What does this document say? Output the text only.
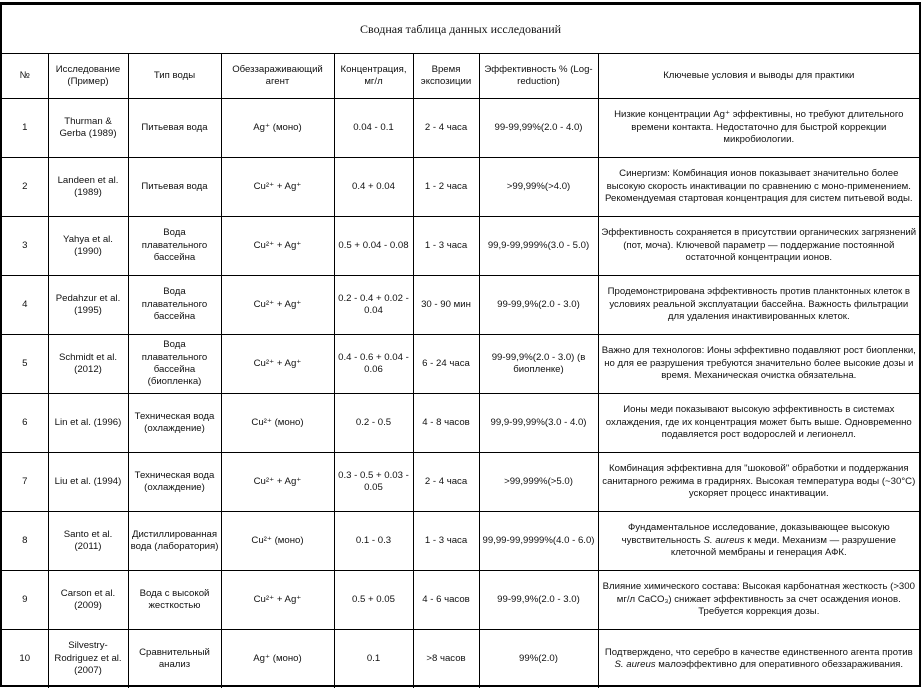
Сводная таблица данных исследований							
№	Исследование (Пример)	Тип воды	Обеззараживающий агент	Концентрация, мг/л	Время экспозиции	Эффективность % (Log-reduction)	Ключевые условия и выводы для практики
1	Thurman & Gerba (1989)	Питьевая вода	Ag⁺ (моно)	0.04 - 0.1	2 - 4 часа	99-99,99%(2.0 - 4.0)	Низкие концентрации Ag⁺ эффективны, но требуют длительного времени контакта. Недостаточно для быстрой коррекции микробиологии.
2	Landeen et al. (1989)	Питьевая вода	Cu²⁺ + Ag⁺	0.4 + 0.04	1 - 2 часа	>99,99%(>4.0)	Синергизм: Комбинация ионов показывает значительно более высокую скорость инактивации по сравнению с моно-применением. Рекомендуемая стартовая концентрация для систем питьевой воды.
3	Yahya et al. (1990)	Вода плавательного бассейна	Cu²⁺ + Ag⁺	0.5 + 0.04 - 0.08	1 - 3 часа	99,9-99,999%(3.0 - 5.0)	Эффективность сохраняется в присутствии органических загрязнений (пот, моча). Ключевой параметр — поддержание постоянной остаточной концентрации ионов.
4	Pedahzur et al. (1995)	Вода плавательного бассейна	Cu²⁺ + Ag⁺	0.2 - 0.4 + 0.02 - 0.04	30 - 90 мин	99-99,9%(2.0 - 3.0)	Продемонстрирована эффективность против планктонных клеток в условиях реальной эксплуатации бассейна. Важность фильтрации для удаления инактивированных клеток.
5	Schmidt et al. (2012)	Вода плавательного бассейна (биопленка)	Cu²⁺ + Ag⁺	0.4 - 0.6 + 0.04 - 0.06	6 - 24 часа	99-99,9%(2.0 - 3.0) (в биопленке)	Важно для технологов: Ионы эффективно подавляют рост биопленки, но для ее разрушения требуются значительно более высокие дозы и время. Механическая очистка обязательна.
6	Lin et al. (1996)	Техническая вода (охлаждение)	Cu²⁺ (моно)	0.2 - 0.5	4 - 8 часов	99,9-99,99%(3.0 - 4.0)	Ионы меди показывают высокую эффективность в системах охлаждения, где их концентрация может быть выше. Одновременно подавляется рост водорослей и легионелл.
7	Liu et al. (1994)	Техническая вода (охлаждение)	Cu²⁺ + Ag⁺	0.3 - 0.5 + 0.03 - 0.05	2 - 4 часа	>99,999%(>5.0)	Комбинация эффективна для "шоковой" обработки и поддержания санитарного режима в градирнях. Высокая температура воды (~30°C) ускоряет процесс инактивации.
8	Santo et al. (2011)	Дистиллированная вода (лаборатория)	Cu²⁺ (моно)	0.1 - 0.3	1 - 3 часа	99,99-99,9999%(4.0 - 6.0)	Фундаментальное исследование, доказывающее высокую чувствительность S. aureus к меди. Механизм — разрушение клеточной мембраны и генерация АФК.
9	Carson et al. (2009)	Вода с высокой жесткостью	Cu²⁺ + Ag⁺	0.5 + 0.05	4 - 6 часов	99-99,9%(2.0 - 3.0)	Влияние химического состава: Высокая карбонатная жесткость (>300 мг/л CaCO₃) снижает эффективность за счет осаждения ионов. Требуется коррекция дозы.
10	Silvestry-Rodriguez et al. (2007)	Сравнительный анализ	Ag⁺ (моно)	0.1	>8 часов	99%(2.0)	Подтверждено, что серебро в качестве единственного агента против S. aureus малоэффективно для оперативного обеззараживания.
